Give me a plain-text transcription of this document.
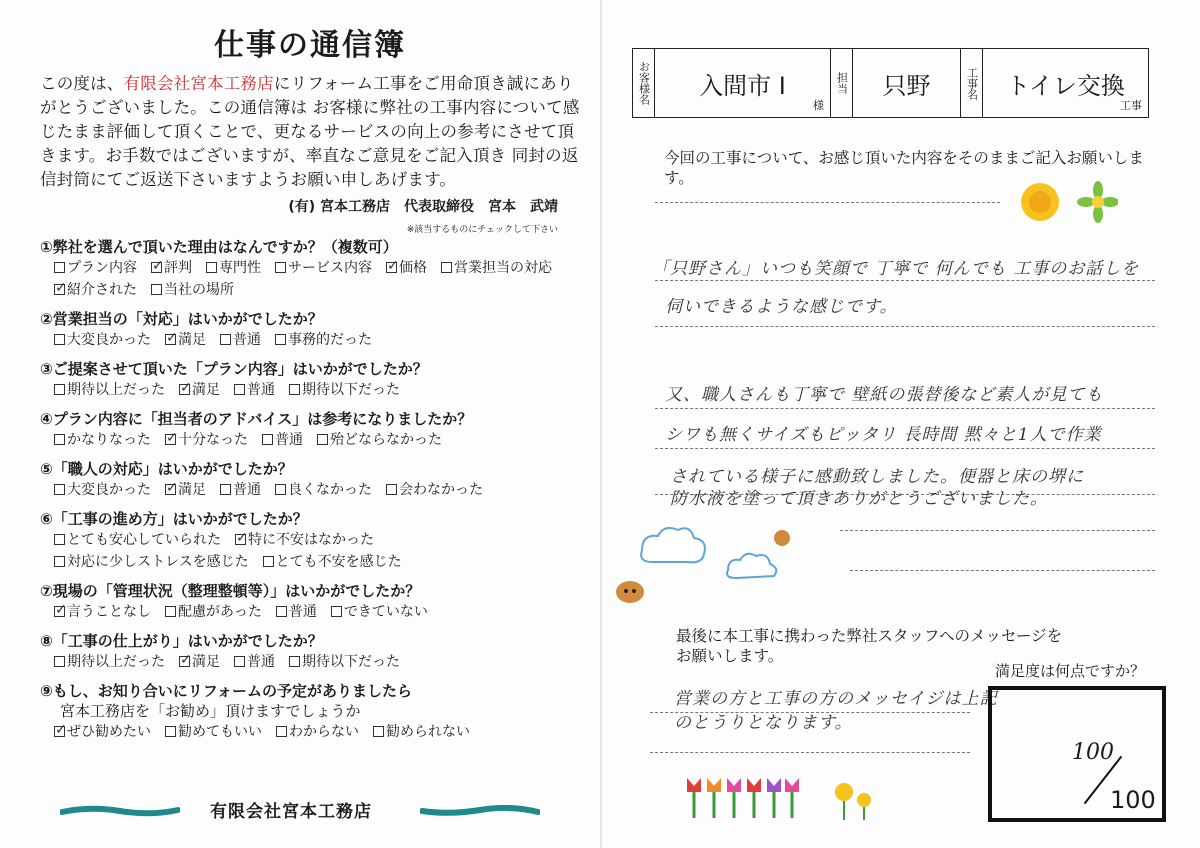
仕事の通信簿
この度は、有限会社宮本工務店にリフォーム工事をご用命頂き誠にありがとうございました。この通信簿は お客様に弊社の工事内容について感じたまま評価して頂くことで、更なるサービスの向上の参考にさせて頂きます。お手数ではございますが、率直なご意見をご記入頂き 同封の返信封筒にてご返送下さいますようお願い申しあげます。
(有) 宮本工務店　代表取締役　宮本　武靖
※該当するものにチェックして下さい
①弊社を選んで頂いた理由はなんですか？（複数可）
プラン内容 ✓ 評判 専門性 サービス内容 ✓ 価格 営業担当の対応✓紹介された 当社の場所
②営業担当の「対応」はいかがでしたか？
大変良かった ✓ 満足 普通 事務的だった
③ご提案させて頂いた「プラン内容」はいかがでしたか？
期待以上だった ✓ 満足 普通 期待以下だった
④プラン内容に「担当者のアドバイス」は参考になりましたか？
かなりなった ✓ 十分なった 普通 殆どならなかった
⑤「職人の対応」はいかがでしたか？
大変良かった ✓ 満足 普通 良くなかった 会わなかった
⑥「工事の進め方」はいかがでしたか？
とても安心していられた ✓ 特に不安はなかった対応に少しストレスを感じた とても不安を感じた
⑦現場の「管理状況（整理整頓等）」はいかがでしたか？
✓言うことなし 配慮があった 普通 できていない
⑧「工事の仕上がり」はいかがでしたか？
期待以上だった ✓ 満足 普通 期待以下だった
⑨もし、お知り合いにリフォームの予定がありましたら
宮本工務店を「お勧め」頂けますでしょうか
✓ぜひ勧めたい 勧めてもいい わからない 勧められない
有限会社宮本工務店
お客様名 入間市 I
様
担当	只野	工事名 トイレ交換
工事
今回の工事について、お感じ頂いた内容をそのままご記入お願いします。
「只野さん」いつも笑顔で 丁寧で 何んでも 工事のお話しを
伺いできるような感じです。
又、職人さんも丁寧で 壁紙の張替後など素人が見ても
シワも無くサイズもピッタリ 長時間 黙々と1人で作業
されている様子に感動致しました。便器と床の堺に
防水液を塗って頂きありがとうございました。
最後に本工事に携わった弊社スタッフへのメッセージをお願いします。
営業の方と工事の方のメッセイジは上記
のとうりとなります。
満足度は何点ですか？
100
100
